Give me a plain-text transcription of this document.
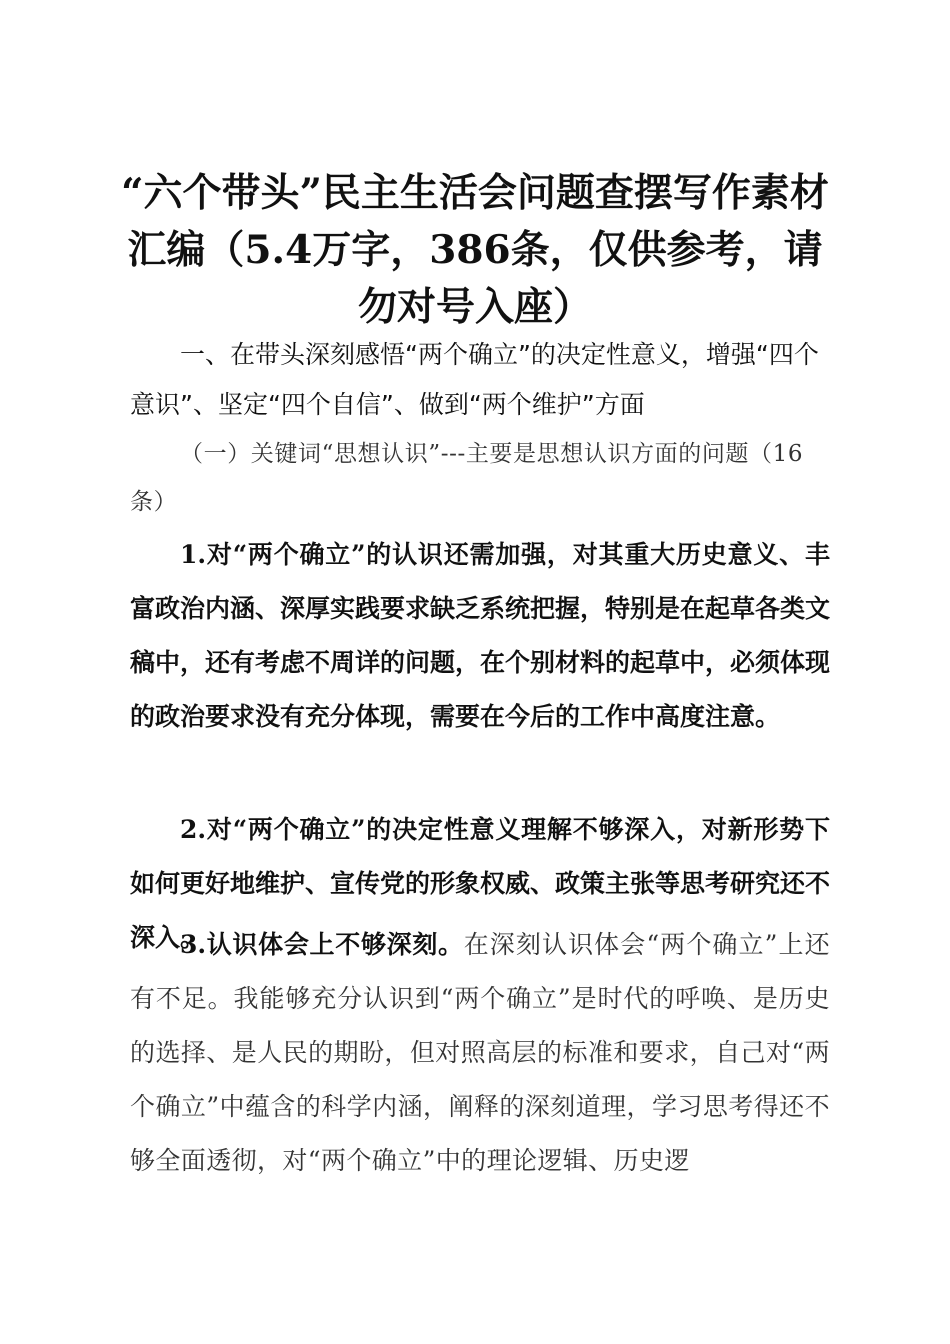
“六个带头”民主生活会问题查摆写作素材汇编（5.4万字，386条，仅供参考，请勿对号入座）
一、在带头深刻感悟“两个确立”的决定性意义，增强“四个意识”、坚定“四个自信”、做到“两个维护”方面
（一）关键词“思想认识”---主要是思想认识方面的问题（16条）
1.对“两个确立”的认识还需加强，对其重大历史意义、丰富政治内涵、深厚实践要求缺乏系统把握，特别是在起草各类文稿中，还有考虑不周详的问题，在个别材料的起草中，必须体现的政治要求没有充分体现，需要在今后的工作中高度注意。
2.对“两个确立”的决定性意义理解不够深入，对新形势下如何更好地维护、宣传党的形象权威、政策主张等思考研究还不深入。
3.认识体会上不够深刻。在深刻认识体会“两个确立”上还有不足。我能够充分认识到“两个确立”是时代的呼唤、是历史的选择、是人民的期盼，但对照高层的标准和要求，自己对“两个确立”中蕴含的科学内涵，阐释的深刻道理，学习思考得还不够全面透彻，对“两个确立”中的理论逻辑、历史逻
